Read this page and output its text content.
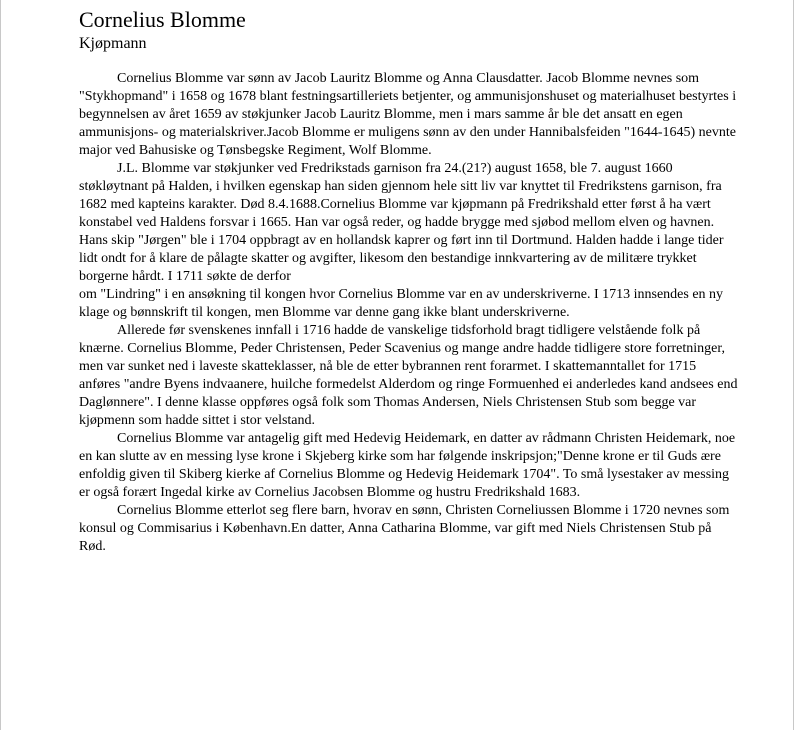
Cornelius Blomme
Kjøpmann

Cornelius Blomme var sønn av Jacob Lauritz Blomme og Anna Clausdatter. Jacob Blomme nevnes som "Stykhopmand" i 1658 og 1678 blant festningsartilleriets betjenter, og ammunisjonshuset og materialhuset bestyrtes i begynnelsen av året 1659 av støkjunker Jacob Lauritz Blomme, men i mars samme år ble det ansatt en egen ammunisjons- og materialskriver.Jacob Blomme er muligens sønn av den under Hannibalsfeiden "1644-1645) nevnte major ved Bahusiske og Tønsbegske Regiment, Wolf Blomme.

J.L. Blomme var støkjunker ved Fredrikstads garnison fra 24.(21?) august 1658, ble 7. august 1660 støkløytnant på Halden, i hvilken egenskap han siden gjennom hele sitt liv var knyttet til Fredrikstens garnison, fra 1682 med kapteins karakter. Død 8.4.1688.Cornelius Blomme var kjøpmann på Fredrikshald etter først å ha vært konstabel ved Haldens forsvar i 1665. Han var også reder, og hadde brygge med sjøbod mellom elven og havnen. Hans skip "Jørgen" ble i 1704 oppbragt av en hollandsk kaprer og ført inn til Dortmund. Halden hadde i lange tider lidt ondt for å klare de pålagte skatter og avgifter, likesom den bestandige innkvartering av de militære trykket borgerne hårdt. I 1711 søkte de derfor

om "Lindring" i en ansøkning til kongen hvor Cornelius Blomme var en av underskriverne. I 1713 innsendes en ny klage og bønnskrift til kongen, men Blomme var denne gang ikke blant underskriverne.

Allerede før svenskenes innfall i 1716 hadde de vanskelige tidsforhold bragt tidligere velstående folk på knærne. Cornelius Blomme, Peder Christensen, Peder Scavenius og mange andre hadde tidligere store forretninger, men var sunket ned i laveste skatteklasser, nå ble de etter bybrannen rent forarmet. I skattemanntallet for 1715 anføres "andre Byens indvaanere, huilche formedelst Alderdom og ringe Formuenhed ei anderledes kand andsees end Daglønnere". I denne klasse oppføres også folk som Thomas Andersen, Niels Christensen Stub som begge var kjøpmenn som hadde sittet i stor velstand.

Cornelius Blomme var antagelig gift med Hedevig Heidemark, en datter av rådmann Christen Heidemark, noe en kan slutte av en messing lyse krone i Skjeberg kirke som har følgende inskripsjon;"Denne krone er til Guds ære enfoldig given til Skiberg kierke af Cornelius Blomme og Hedevig Heidemark 1704". To små lysestaker av messing er også forært Ingedal kirke av Cornelius Jacobsen Blomme og hustru Fredrikshald 1683.

Cornelius Blomme etterlot seg flere barn, hvorav en sønn, Christen Corneliussen Blomme i 1720 nevnes som konsul og Commisarius i København.En datter, Anna Catharina Blomme, var gift med Niels Christensen Stub på Rød.
